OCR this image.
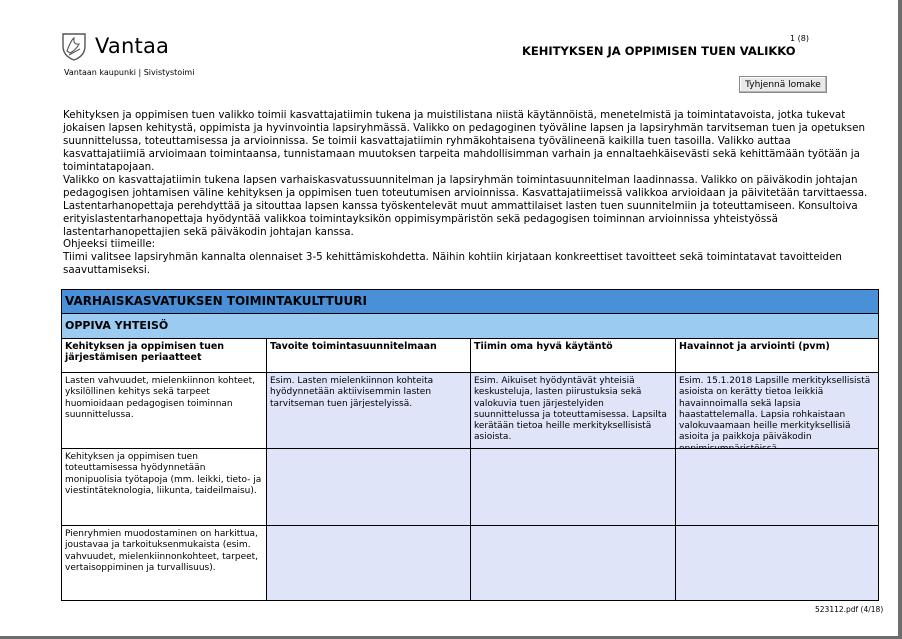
Vantaa
Vantaan kaupunki | Sivistystoimi
1 (8)
KEHITYKSEN JA OPPIMISEN TUEN VALIKKO
Tyhjennä lomake
Kehityksen ja oppimisen tuen valikko toimii kasvattajatiimin tukena ja muistilistana niistä käytännöistä, menetelmistä ja toimintatavoista, jotka tukevat jokaisen lapsen kehitystä, oppimista ja hyvinvointia lapsiryhmässä. Valikko on pedagoginen työväline lapsen ja lapsiryhmän tarvitseman tuen ja opetuksen suunnittelussa, toteuttamisessa ja arvioinnissa. Se toimii kasvattajatiimin ryhmäkohtaisena työvälineenä kaikilla tuen tasoilla. Valikko auttaa kasvattajatiimiä arvioimaan toimintaansa, tunnistamaan muutoksen tarpeita mahdollisimman varhain ja ennaltaehkäisevästi sekä kehittämään työtään ja toimintatapojaan.
Valikko on kasvattajatiimin tukena lapsen varhaiskasvatussuunnitelman ja lapsiryhmän toimintasuunnitelman laadinnassa. Valikko on päiväkodin johtajan pedagogisen johtamisen väline kehityksen ja oppimisen tuen toteutumisen arvioinnissa. Kasvattajatiimeissä valikkoa arvioidaan ja päivitetään tarvittaessa. Lastentarhanopettaja perehdyttää ja sitouttaa lapsen kanssa työskentelevät muut ammattilaiset lasten tuen suunnitelmiin ja toteuttamiseen. Konsultoiva erityislastentarhanopettaja hyödyntää valikkoa toimintayksikön oppimisympäristön sekä pedagogisen toiminnan arvioinnissa yhteistyössä lastentarhanopettajien sekä päiväkodin johtajan kanssa.
Ohjeeksi tiimeille:
Tiimi valitsee lapsiryhmän kannalta olennaiset 3-5 kehittämiskohdetta. Näihin kohtiin kirjataan konkreettiset tavoitteet sekä toimintatavat tavoitteiden saavuttamiseksi.
VARHAISKASVATUKSEN TOIMINTAKULTTUURI
OPPIVA YHTEISÖ
Kehityksen ja oppimisen tuen järjestämisen periaatteet
Tavoite toimintasuunnitelmaan	Tiimin oma hyvä käytäntö	Havainnot ja arviointi (pvm)
Lasten vahvuudet, mielenkiinnon kohteet, yksilöllinen kehitys sekä tarpeet huomioidaan pedagogisen toiminnan suunnittelussa.
Esim. Lasten mielenkiinnon kohteita hyödynnetään aktiivisemmin lasten tarvitseman tuen järjestelyissä.
Esim. Aikuiset hyödyntävät yhteisiä keskusteluja, lasten piirustuksia sekä valokuvia tuen järjestelyiden suunnittelussa ja toteuttamisessa. Lapsilta kerätään tietoa heille merkityksellisistä asioista.
Esim. 15.1.2018 Lapsille merkityksellisistä asioista on kerätty tietoa leikkiä havainnoimalla sekä lapsia haastattelemalla. Lapsia rohkaistaan valokuvaamaan heille merkityksellisiä asioita ja paikkoja päiväkodin
Kehityksen ja oppimisen tuen toteuttamisessa hyödynnetään monipuolisia työtapoja (mm. leikki, tieto- ja viestintäteknologia, liikunta, taideilmaisu).
Pienryhmien muodostaminen on harkittua, joustavaa ja tarkoituksenmukaista (esim. vahvuudet, mielenkiinnonkohteet, tarpeet, vertaisoppiminen ja turvallisuus).
523112.pdf (4/18)
